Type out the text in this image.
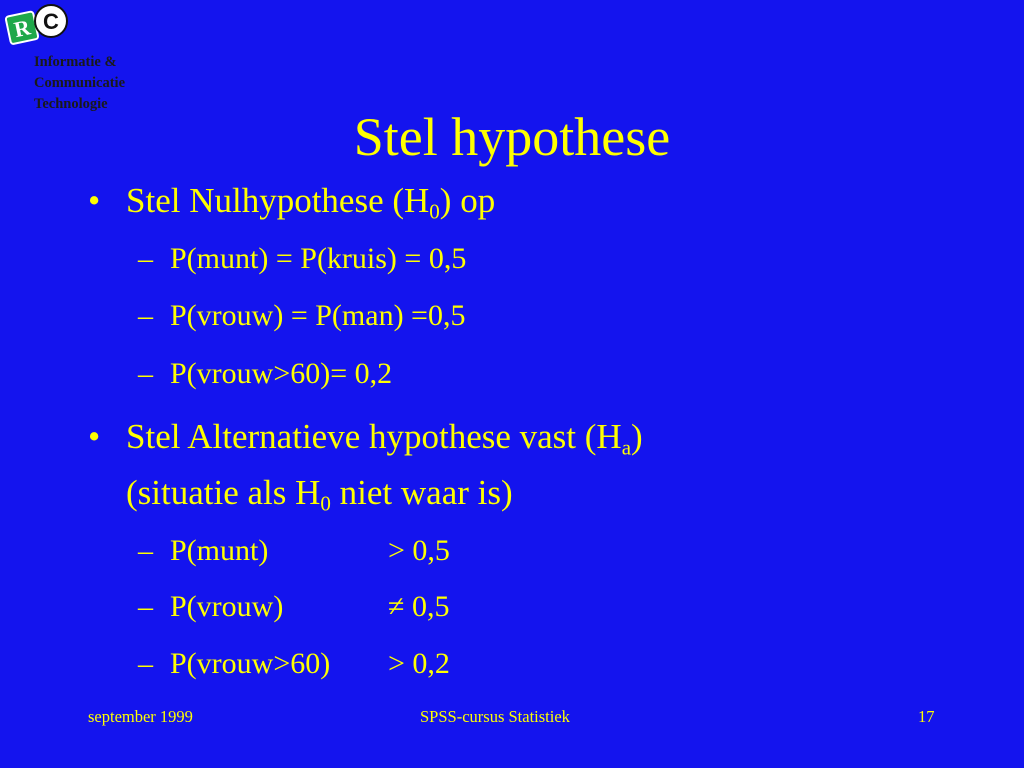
R C
Informatie &
Communicatie
Technologie
Stel hypothese
• Stel Nulhypothese $(H_0)$ op
– P(munt) = P(kruis) = 0,5
– P(vrouw) = P(man) =0,5
– P(vrouw>60)= 0,2
• Stel Alternatieve hypothese vast $(H_a)$
(situatie als $H_0$ niet waar is)
– P(munt)	> 0,5
– P(vrouw)	≠ 0,5
– P(vrouw>60) > 0,2
september 1999	SPSS-cursus Statistiek	17
